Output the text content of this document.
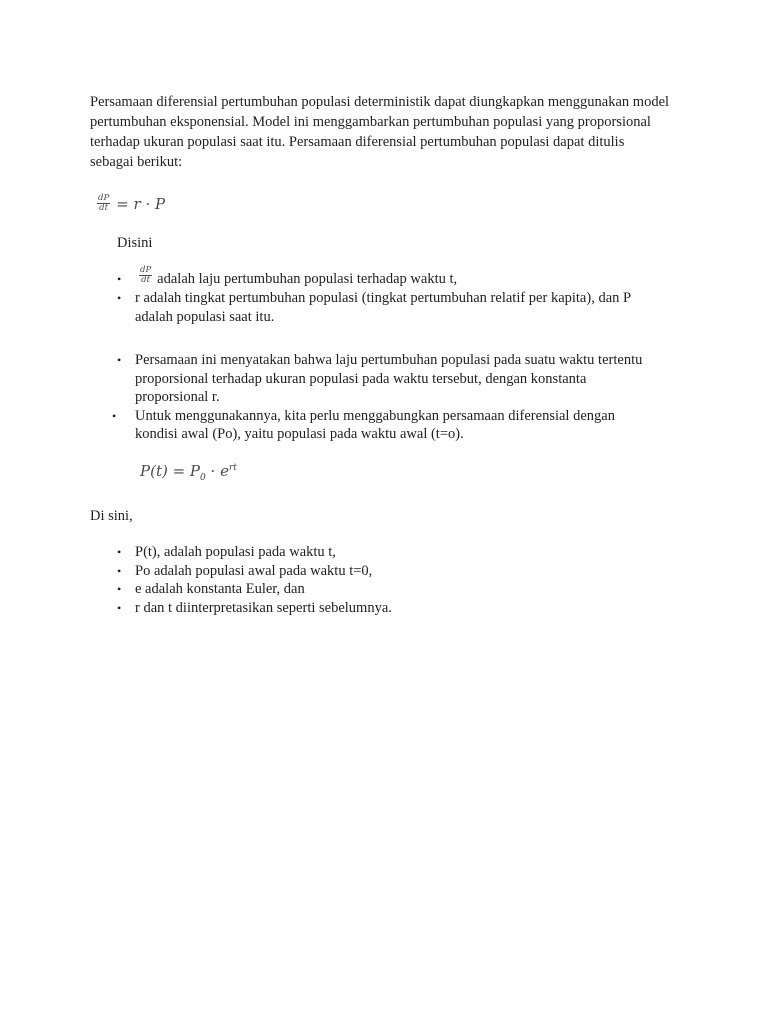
Persamaan diferensial pertumbuhan populasi deterministik dapat diungkapkan menggunakan model pertumbuhan eksponensial. Model ini menggambarkan pertumbuhan populasi yang proporsional terhadap ukuran populasi saat itu. Persamaan diferensial pertumbuhan populasi dapat ditulis sebagai berikut:

$\frac{dP}{dt} = r \cdot P$
Disini
• $\frac{dP}{dt}$ adalah laju pertumbuhan populasi terhadap waktu t,
• r adalah tingkat pertumbuhan populasi (tingkat pertumbuhan relatif per kapita), dan P adalah populasi saat itu.
• Persamaan ini menyatakan bahwa laju pertumbuhan populasi pada suatu waktu tertentu proporsional terhadap ukuran populasi pada waktu tersebut, dengan konstanta proporsional r.
• Untuk menggunakannya, kita perlu menggabungkan persamaan diferensial dengan kondisi awal (Po), yaitu populasi pada waktu awal (t=o).
$P(t) = P_0 \cdot e^{rt}$
Di sini,
• P(t), adalah populasi pada waktu t,
• Po adalah populasi awal pada waktu t=0,
• e adalah konstanta Euler, dan
• r dan t diinterpretasikan seperti sebelumnya.
